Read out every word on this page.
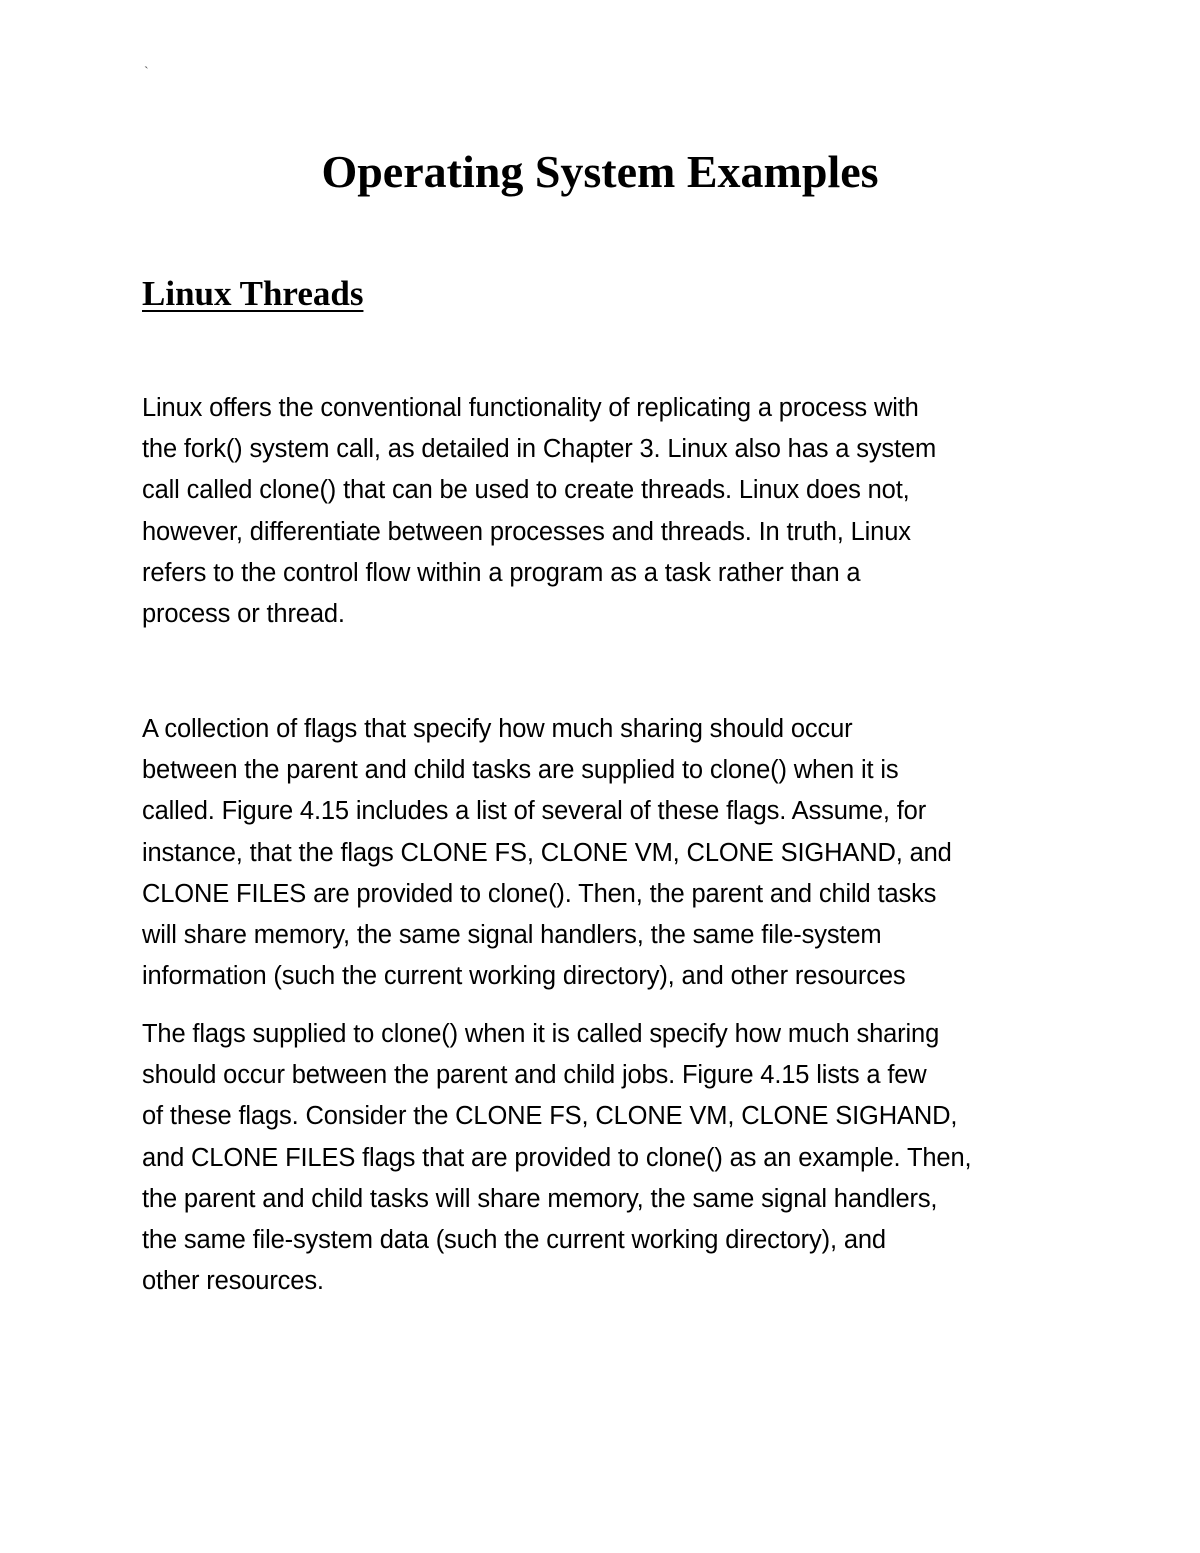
`
Operating System Examples
Linux Threads

Linux offers the conventional functionality of replicating a process with
the fork() system call, as detailed in Chapter 3. Linux also has a system
call called clone() that can be used to create threads. Linux does not,
however, differentiate between processes and threads. In truth, Linux
refers to the control flow within a program as a task rather than a
process or thread.

A collection of flags that specify how much sharing should occur
between the parent and child tasks are supplied to clone() when it is
called. Figure 4.15 includes a list of several of these flags. Assume, for
instance, that the flags CLONE FS, CLONE VM, CLONE SIGHAND, and
CLONE FILES are provided to clone(). Then, the parent and child tasks
will share memory, the same signal handlers, the same file-system
information (such the current working directory), and other resources

The flags supplied to clone() when it is called specify how much sharing
should occur between the parent and child jobs. Figure 4.15 lists a few
of these flags. Consider the CLONE FS, CLONE VM, CLONE SIGHAND,
and CLONE FILES flags that are provided to clone() as an example. Then,
the parent and child tasks will share memory, the same signal handlers,
the same file-system data (such the current working directory), and
other resources.
